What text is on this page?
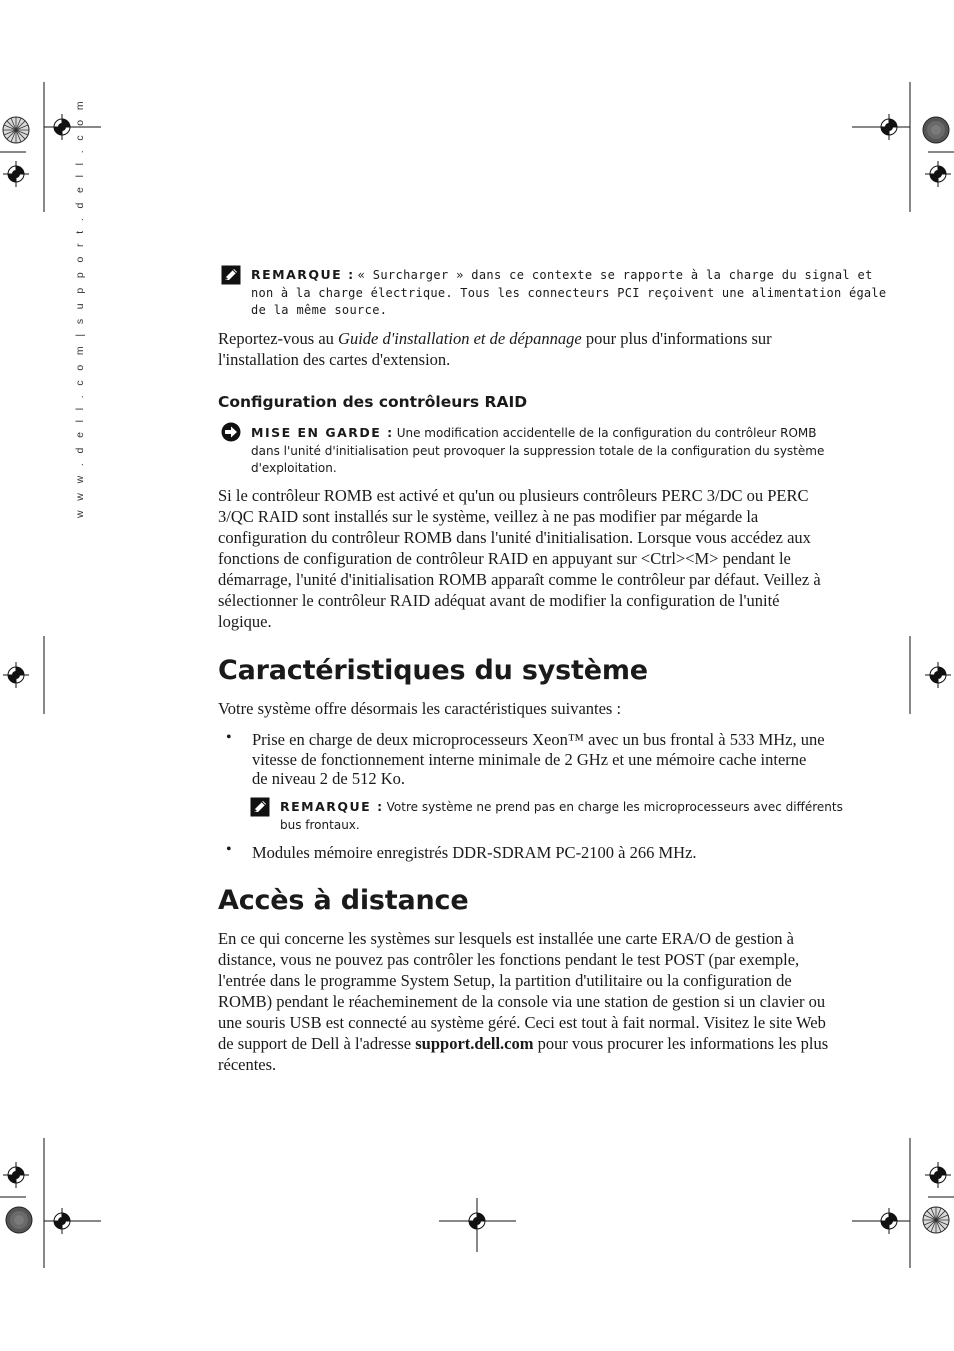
w w w . d e l l . c o m | s u p p o r t . d e l l . c o m	REMARQUE : « Surcharger » dans ce contexte se rapporte à la charge du signal et
non à la charge électrique. Tous les connecteurs PCI reçoivent une alimentation égale
de la même source.
Reportez-vous au Guide d'installation et de dépannage pour plus d'informations sur
l'installation des cartes d'extension.
Configuration des contrôleurs RAID
MISE EN GARDE : Une modification accidentelle de la configuration du contrôleur ROMB
dans l'unité d'initialisation peut provoquer la suppression totale de la configuration du système
d'exploitation.
Si le contrôleur ROMB est activé et qu'un ou plusieurs contrôleurs PERC 3/DC ou PERC
3/QC RAID sont installés sur le système, veillez à ne pas modifier par mégarde la
configuration du contrôleur ROMB dans l'unité d'initialisation. Lorsque vous accédez aux
fonctions de configuration de contrôleur RAID en appuyant sur <Ctrl><M> pendant le
démarrage, l'unité d'initialisation ROMB apparaît comme le contrôleur par défaut. Veillez à
sélectionner le contrôleur RAID adéquat avant de modifier la configuration de l'unité
logique.
Caractéristiques du système
Votre système offre désormais les caractéristiques suivantes :
• Prise en charge de deux microprocesseurs Xeon™ avec un bus frontal à 533 MHz, une
vitesse de fonctionnement interne minimale de 2 GHz et une mémoire cache interne
de niveau 2 de 512 Ko.
REMARQUE : Votre système ne prend pas en charge les microprocesseurs avec différents
bus frontaux.
• Modules mémoire enregistrés DDR-SDRAM PC-2100 à 266 MHz.
Accès à distance
En ce qui concerne les systèmes sur lesquels est installée une carte ERA/O de gestion à
distance, vous ne pouvez pas contrôler les fonctions pendant le test POST (par exemple,
l'entrée dans le programme System Setup, la partition d'utilitaire ou la configuration de
ROMB) pendant le réacheminement de la console via une station de gestion si un clavier ou
une souris USB est connecté au système géré. Ceci est tout à fait normal. Visitez le site Web
de support de Dell à l'adresse support.dell.com pour vous procurer les informations les plus
récentes.
